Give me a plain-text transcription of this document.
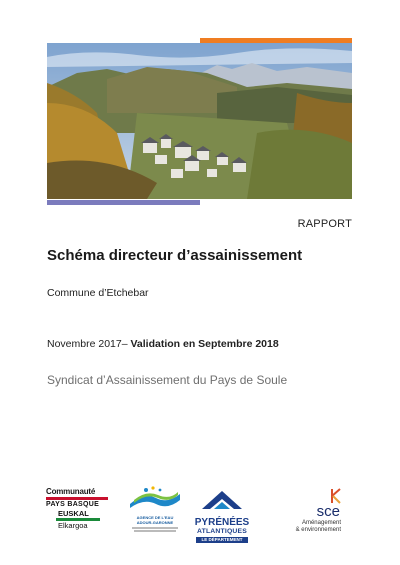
RAPPORT
Schéma directeur d’assainissement
Commune d’Etchebar
Novembre 2017– Validation en Septembre 2018
Syndicat d’Assainissement du Pays de Soule
Communauté
PAYS BASQUE
EUSKAL
Elkargoa
AGENCE DE L’EAU
ADOUR-GARONNE	PYRÉNÉES
ATLANTIQUES
LE DÉPARTEMENT
sce
Aménagement
& environnement
